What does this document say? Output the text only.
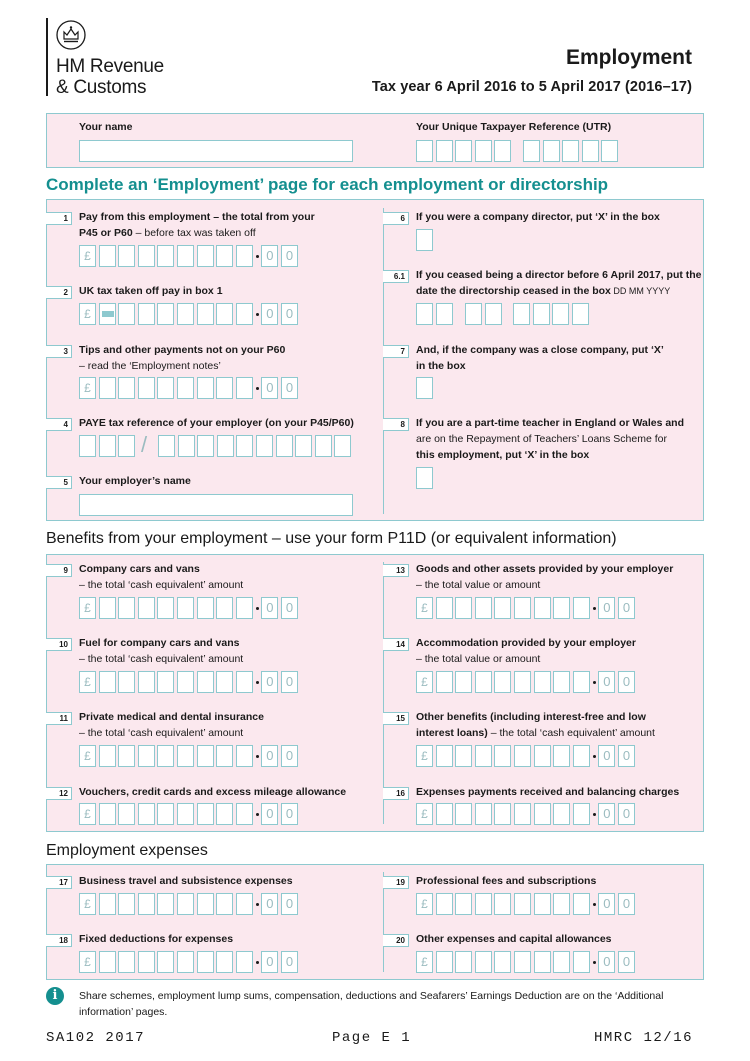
HM Revenue
& Customs
Employment
Tax year 6 April 2016 to 5 April 2017 (2016–17)
Your name	Your Unique Taxpayer Reference (UTR)
Complete an ‘Employment’ page for each employment or directorship
1	Pay from this employment – the total from your
P45 or P60 – before tax was taken off
£	0 0
2	UK tax taken off pay in box 1
£	0 0
3	Tips and other payments not on your P60
– read the ‘Employment notes’
£	0 0
4	PAYE tax reference of your employer (on your P45/P60)
/
5	Your employer’s name
6	If you were a company director, put ‘X’ in the box
6.1	If you ceased being a director before 6 April 2017, put the
date the directorship ceased in the box DD MM YYYY
7	And, if the company was a close company, put ‘X’
in the box
8	If you are a part-time teacher in England or Wales and
are on the Repayment of Teachers’ Loans Scheme for
this employment, put ‘X’ in the box
Benefits from your employment – use your form P11D (or equivalent information)
9	Company cars and vans
– the total ‘cash equivalent’ amount
£	0 0
13	Goods and other assets provided by your employer
– the total value or amount
£	0 0
10	Fuel for company cars and vans
– the total ‘cash equivalent’ amount
£	0 0
14	Accommodation provided by your employer
– the total value or amount
£	0 0
11	Private medical and dental insurance
– the total ‘cash equivalent’ amount
£	0 0
15	Other benefits (including interest-free and low
interest loans) – the total ‘cash equivalent’ amount
£	0 0
12	Vouchers, credit cards and excess mileage allowance
£	0 0
16	Expenses payments received and balancing charges
£	0 0
Employment expenses
17	Business travel and subsistence expenses
£	0 0
18	Fixed deductions for expenses
£	0 0
19	Professional fees and subscriptions
£	0 0
20	Other expenses and capital allowances
£	0 0
i	Share schemes, employment lump sums, compensation, deductions and Seafarers’ Earnings Deduction are on the ‘Additional information’ pages.
SA102 2017	Page E 1	HMRC 12/16
